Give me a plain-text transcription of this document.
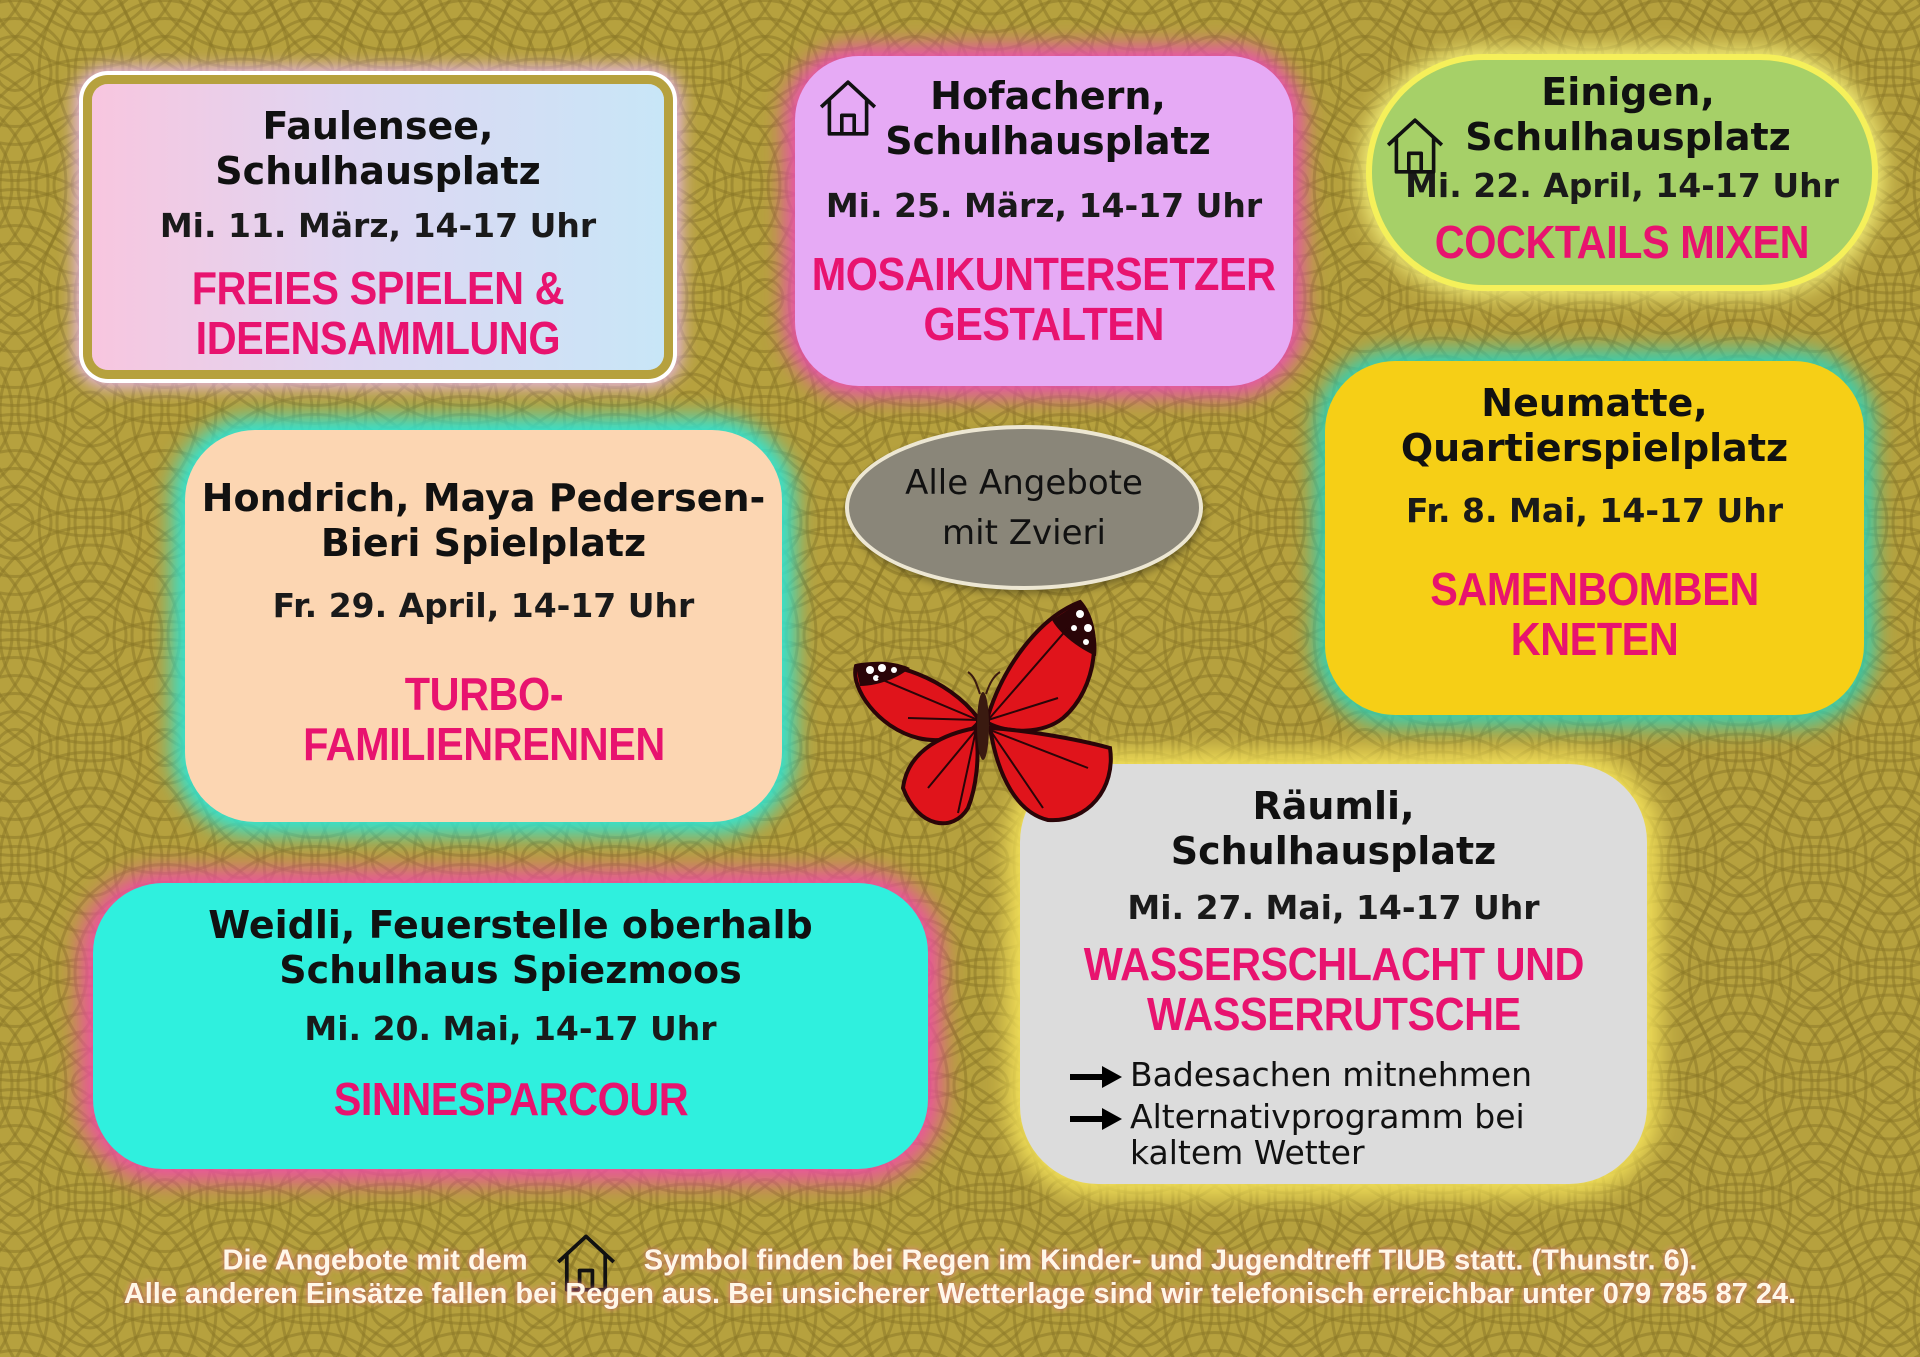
Faulensee,
Schulhausplatz
Mi. 11. März, 14-17 Uhr
FREIES SPIELEN &
IDEENSAMMLUNG
Hofachern,
Schulhausplatz
Mi. 25. März, 14-17 Uhr
MOSAIKUNTERSETZER
GESTALTEN
Einigen,
Schulhausplatz
Mi. 22. April, 14-17 Uhr
COCKTAILS MIXEN
Hondrich, Maya Pedersen-
Bieri Spielplatz
Fr. 29. April, 14-17 Uhr
TURBO-
FAMILIENRENNEN
Neumatte,
Quartierspielplatz
Fr. 8. Mai, 14-17 Uhr
SAMENBOMBEN
KNETEN
Weidli, Feuerstelle oberhalb
Schulhaus Spiezmoos
Mi. 20. Mai, 14-17 Uhr
SINNESPARCOUR
Räumli,
Schulhausplatz
Mi. 27. Mai, 14-17 Uhr
WASSERSCHLACHT UND
WASSERRUTSCHE
Badesachen mitnehmen
Alternativprogramm bei
kaltem Wetter
Alle Angebote
mit Zvieri
Die Angebote mit dem	Symbol finden bei Regen im Kinder- und Jugendtreff TIUB statt. (Thunstr. 6).
Alle anderen Einsätze fallen bei Regen aus. Bei unsicherer Wetterlage sind wir telefonisch erreichbar unter 079 785 87 24.
